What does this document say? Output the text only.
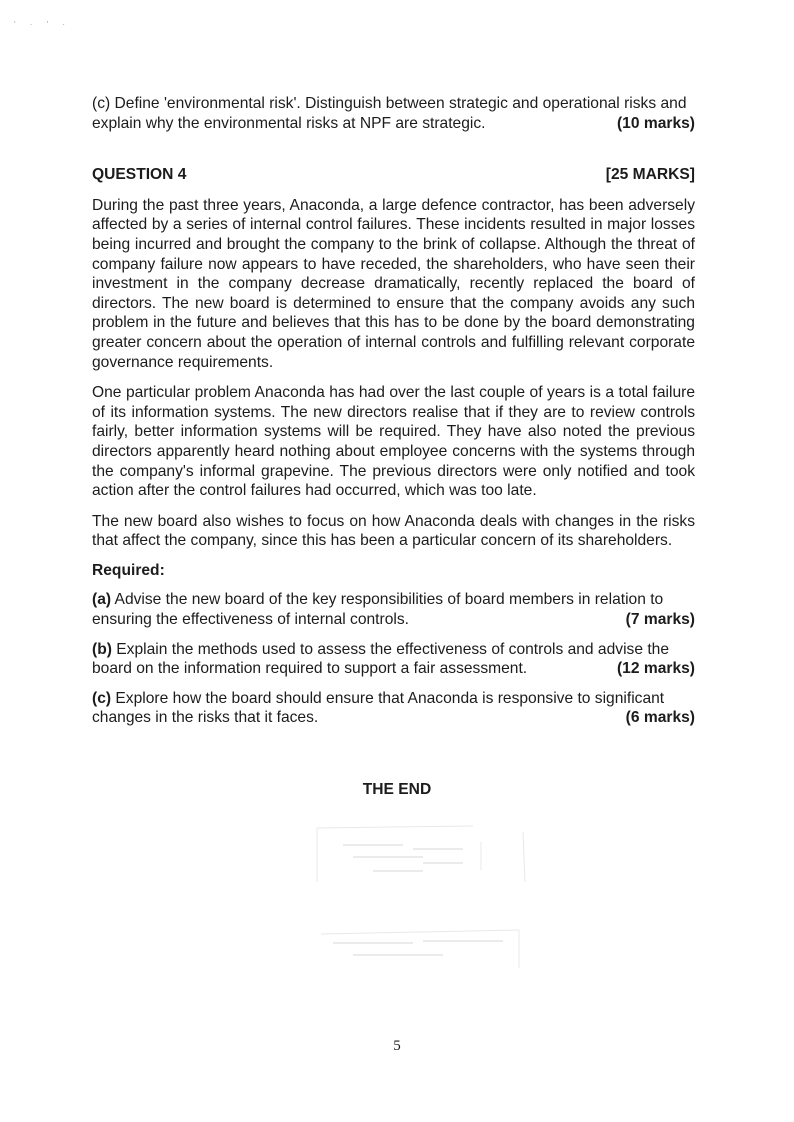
' · ' ·

(c) Define 'environmental risk'. Distinguish between strategic and operational risks and

explain why the environmental risks at NPF are strategic.	(10 marks)
QUESTION 4	[25 MARKS]

During the past three years, Anaconda, a large defence contractor, has been adversely affected by a series of internal control failures. These incidents resulted in major losses being incurred and brought the company to the brink of collapse. Although the threat of company failure now appears to have receded, the shareholders, who have seen their investment in the company decrease dramatically, recently replaced the board of directors. The new board is determined to ensure that the company avoids any such problem in the future and believes that this has to be done by the board demonstrating greater concern about the operation of internal controls and fulfilling relevant corporate governance requirements.

One particular problem Anaconda has had over the last couple of years is a total failure of its information systems. The new directors realise that if they are to review controls fairly, better information systems will be required. They have also noted the previous directors apparently heard nothing about employee concerns with the systems through the company's informal grapevine. The previous directors were only notified and took action after the control failures had occurred, which was too late.

The new board also wishes to focus on how Anaconda deals with changes in the risks that affect the company, since this has been a particular concern of its shareholders.

Required:

(a) Advise the new board of the key responsibilities of board members in relation to

ensuring the effectiveness of internal controls.	(7 marks)

(b) Explain the methods used to assess the effectiveness of controls and advise the

board on the information required to support a fair assessment.	(12 marks)

(c) Explore how the board should ensure that Anaconda is responsive to significant

changes in the risks that it faces.	(6 marks)
THE END
5
